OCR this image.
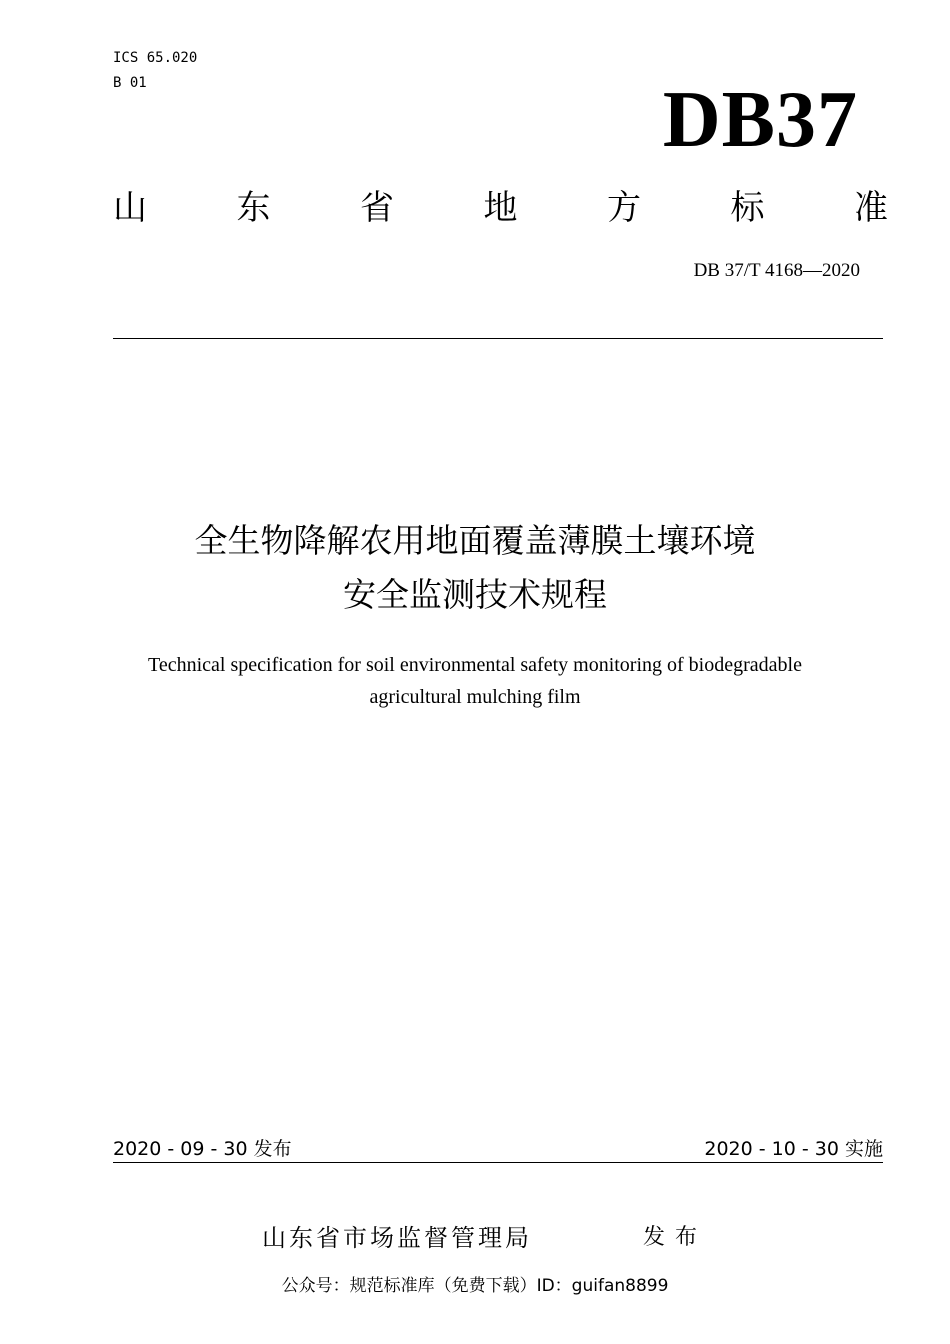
ICS 65.020
B 01	DB37
山	东	省	地	方	标	准
DB 37/T 4168—2020
全生物降解农用地面覆盖薄膜土壤环境
安全监测技术规程
Technical specification for soil environmental safety monitoring of biodegradable
agricultural mulching film
2020 - 09 - 30 发布	2020 - 10 - 30 实施
山东省市场监督管理局	发布
公众号：规范标准库（免费下载）ID：guifan8899
